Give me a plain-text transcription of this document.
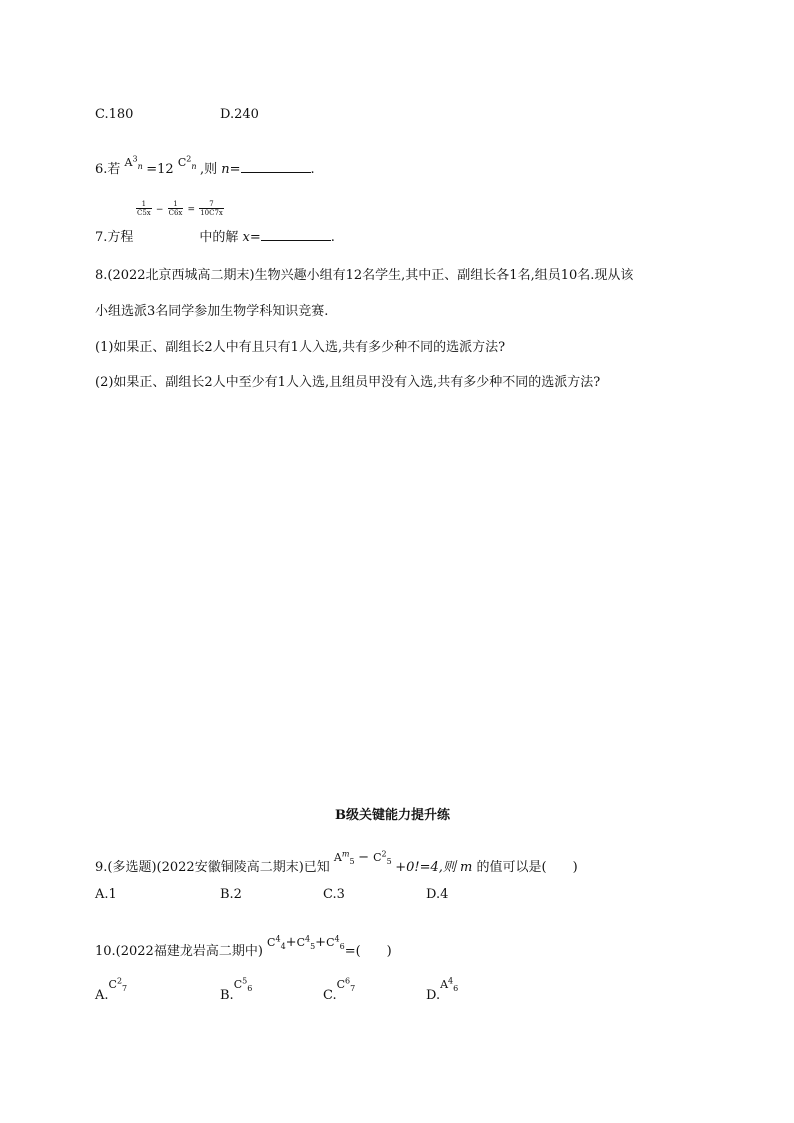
C.180	D.240
6.若 $^{A^3_n}$ =12 $^{C^2_n}$ ,则 n=	.
$\frac{1}{C5x} - \frac{1}{C6x} = \frac{7}{10C7x}$
7.方程	中的解 x=	.
8.(2022北京西城高二期末)生物兴趣小组有12名学生,其中正、副组长各1名,组员10名.现从该
小组选派3名同学参加生物学科知识竞赛.
(1)如果正、副组长2人中有且只有1人入选,共有多少种不同的选派方法?
(2)如果正、副组长2人中至少有1人入选,且组员甲没有入选,共有多少种不同的选派方法?
B级关键能力提升练
9.(多选题)(2022安徽铜陵高二期末)已知 $^{A^m_5}$ − $^{C^2_5}$ +0!=4,则 m 的值可以是(　　)
A.1	B.2	C.3	D.4
10.(2022福建龙岩高二期中) $^{C^4_4}$+$^{C^4_5}$+$^{C^4_6}$=(　　)
A.$^{C^2_7}$	B.$^{C^5_6}$	C.$^{C^6_7}$	D.$^{A^4_6}$
